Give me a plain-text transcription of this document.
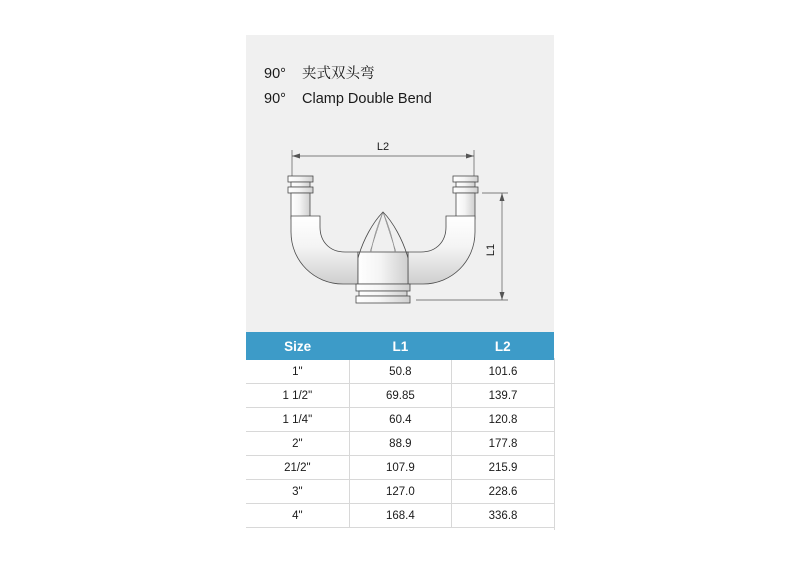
90° 夹式双头弯
90° Clamp Double Bend
L2
L1
Size	L1	L2
1"	50.8	101.6
1 1/2"	69.85	139.7
1 1/4"	60.4	120.8
2"	88.9	177.8
21/2"	107.9	215.9
3"	127.0	228.6
4"	168.4	336.8
